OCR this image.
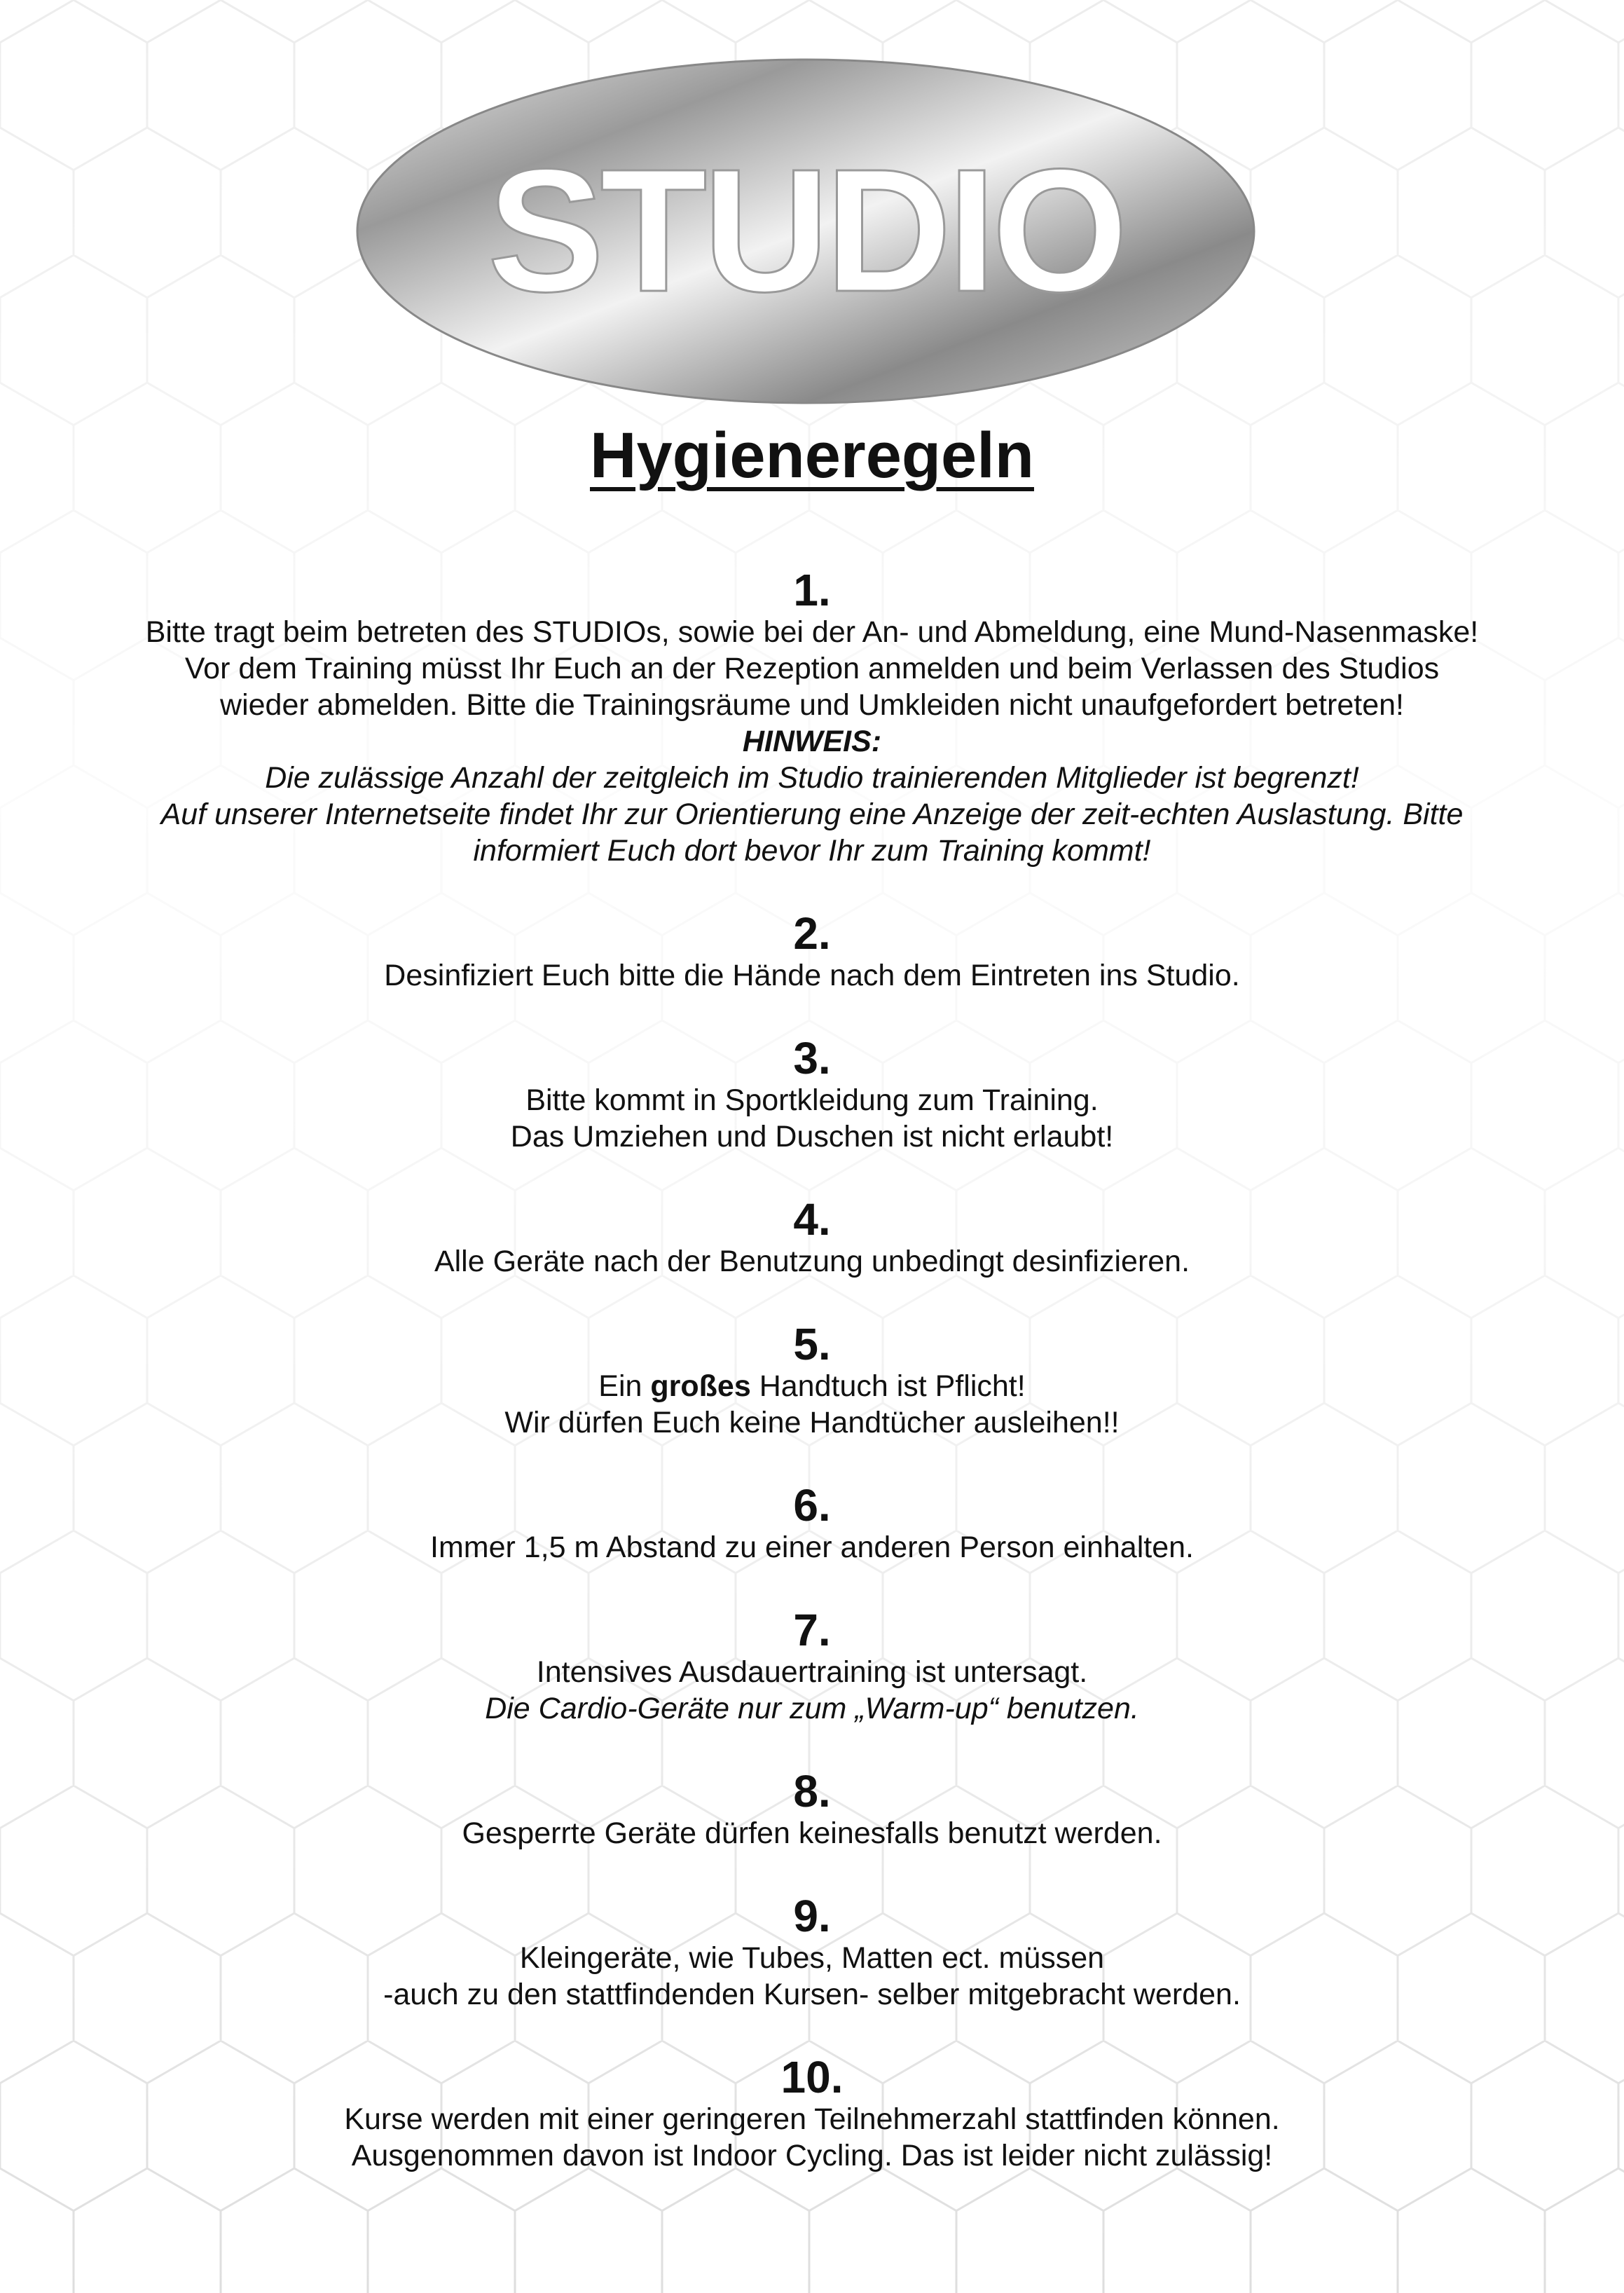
STUDIO
Hygieneregeln
1.
Bitte tragt beim betreten des STUDIOs, sowie bei der An- und Abmeldung, eine Mund-Nasenmaske!
Vor dem Training müsst Ihr Euch an der Rezeption anmelden und beim Verlassen des Studios
wieder abmelden. Bitte die Trainingsräume und Umkleiden nicht unaufgefordert betreten!
HINWEIS:
Die zulässige Anzahl der zeitgleich im Studio trainierenden Mitglieder ist begrenzt!
Auf unserer Internetseite findet Ihr zur Orientierung eine Anzeige der zeit-echten Auslastung. Bitte
informiert Euch dort bevor Ihr zum Training kommt!
2.
Desinfiziert Euch bitte die Hände nach dem Eintreten ins Studio.
3.
Bitte kommt in Sportkleidung zum Training.
Das Umziehen und Duschen ist nicht erlaubt!
4.
Alle Geräte nach der Benutzung unbedingt desinfizieren.
5.
Ein großes Handtuch ist Pflicht!
Wir dürfen Euch keine Handtücher ausleihen!!
6.
Immer 1,5 m Abstand zu einer anderen Person einhalten.
7.
Intensives Ausdauertraining ist untersagt.
Die Cardio-Geräte nur zum „Warm-up“ benutzen.
8.
Gesperrte Geräte dürfen keinesfalls benutzt werden.
9.
Kleingeräte, wie Tubes, Matten ect. müssen
-auch zu den stattfindenden Kursen- selber mitgebracht werden.
10.
Kurse werden mit einer geringeren Teilnehmerzahl stattfinden können.
Ausgenommen davon ist Indoor Cycling. Das ist leider nicht zulässig!
